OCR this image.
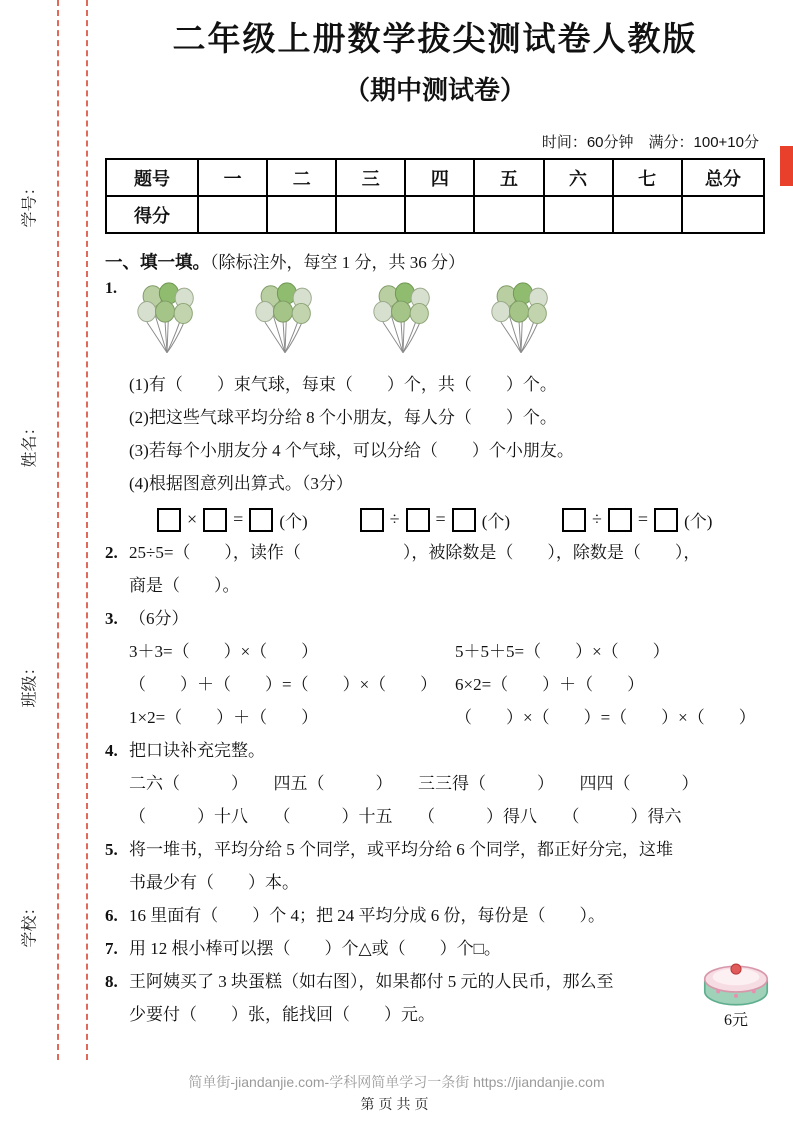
学号：
姓名：
班级：
学校：
二年级上册数学拔尖测试卷人教版
（期中测试卷）
时间：60分钟　满分：100+10分
题号	一	二	三	四	五	六	七	总分
得分								
一、填一填。（除标注外，每空 1 分，共 36 分）
1.
(1)有（　　）束气球，每束（　　）个，共（　　）个。
(2)把这些气球平均分给 8 个小朋友，每人分（　　）个。
(3)若每个小朋友分 4 个气球，可以分给（　　）个小朋友。
(4)根据图意列出算式。（3分）
× = (个)	÷ = (个)	÷ = (个)
2. 25÷5=（　　），读作（　　　　　　），被除数是（　　），除数是（　　），
商是（　　）。
3. （6分）
3＋3=（　　）×（　　）	5＋5＋5=（　　）×（　　）
（　　）＋（　　）=（　　）×（　　）	6×2=（　　）＋（　　）
1×2=（　　）＋（　　）	（　　）×（　　）=（　　）×（　　）
4. 把口诀补充完整。
二六（　　　）　　四五（　　　）　　三三得（　　　）　　四四（　　　）
（　　　）十八　　（　　　）十五　　（　　　）得八　　（　　　）得六
5. 将一堆书，平均分给 5 个同学，或平均分给 6 个同学，都正好分完，这堆
书最少有（　　）本。
6. 16 里面有（　　）个 4；把 24 平均分成 6 份，每份是（　　）。
7. 用 12 根小棒可以摆（　　）个△或（　　）个□。
8. 王阿姨买了 3 块蛋糕（如右图），如果都付 5 元的人民币，那么至
少要付（　　）张，能找回（　　）元。	6元
简单街-jiandanjie.com-学科网简单学习一条街 https://jiandanjie.com
第页共页
